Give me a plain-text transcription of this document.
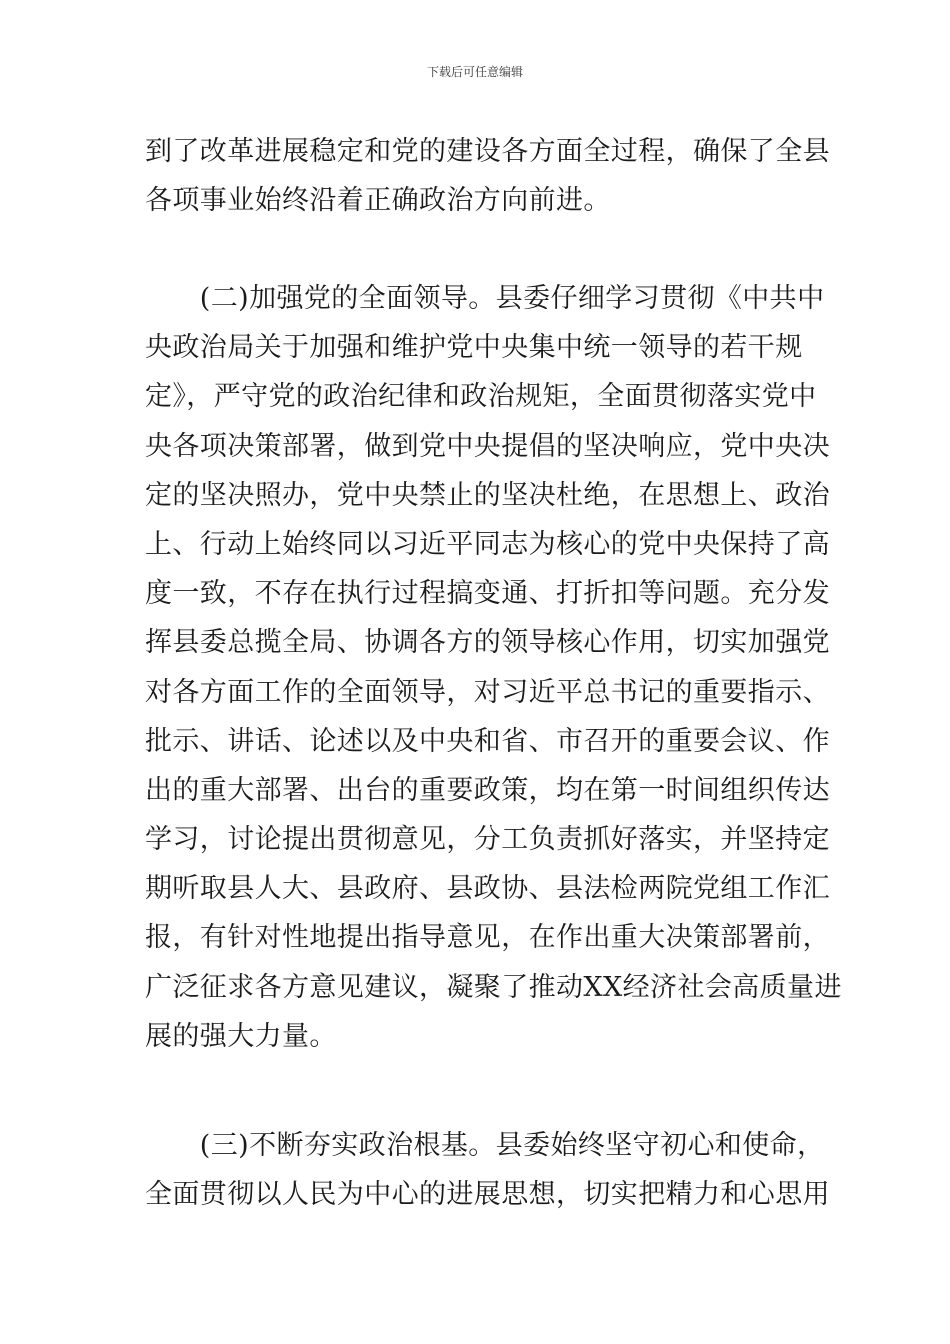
下载后可任意编辑
到了改革进展稳定和党的建设各方面全过程，确保了全县
各项事业始终沿着正确政治方向前进。
　　(二)加强党的全面领导。县委仔细学习贯彻《中共中
央政治局关于加强和维护党中央集中统一领导的若干规
定》，严守党的政治纪律和政治规矩，全面贯彻落实党中
央各项决策部署，做到党中央提倡的坚决响应，党中央决
定的坚决照办，党中央禁止的坚决杜绝，在思想上、政治
上、行动上始终同以习近平同志为核心的党中央保持了高
度一致，不存在执行过程搞变通、打折扣等问题。充分发
挥县委总揽全局、协调各方的领导核心作用，切实加强党
对各方面工作的全面领导，对习近平总书记的重要指示、
批示、讲话、论述以及中央和省、市召开的重要会议、作
出的重大部署、出台的重要政策，均在第一时间组织传达
学习，讨论提出贯彻意见，分工负责抓好落实，并坚持定
期听取县人大、县政府、县政协、县法检两院党组工作汇
报，有针对性地提出指导意见，在作出重大决策部署前，
广泛征求各方意见建议，凝聚了推动XX经济社会高质量进
展的强大力量。
　　(三)不断夯实政治根基。县委始终坚守初心和使命，
全面贯彻以人民为中心的进展思想，切实把精力和心思用
